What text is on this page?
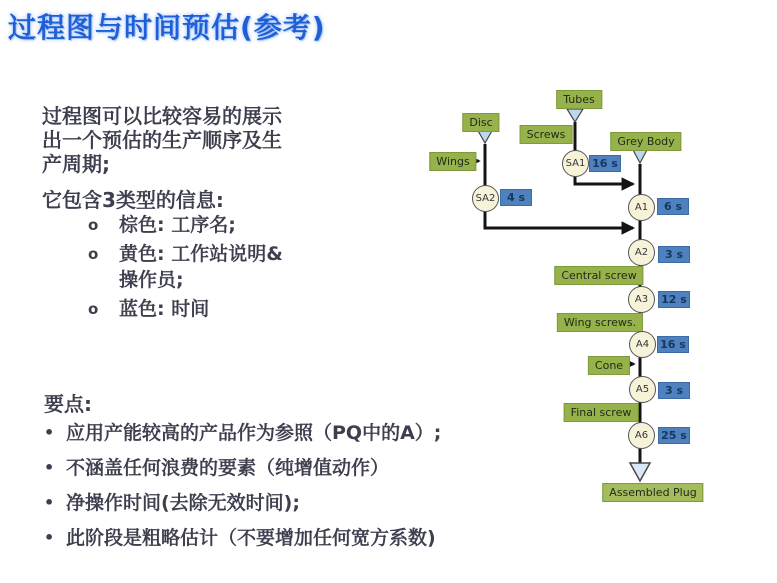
过程图与时间预估(参考)
过程图可以比较容易的展示
出一个预估的生产顺序及生
产周期;
它包含3类型的信息:
o	棕色: 工序名;
o	黄色: 工作站说明&
操作员;
o	蓝色: 时间
要点:
• 应用产能较高的产品作为参照（PQ中的A）;
• 不涵盖任何浪费的要素（纯增值动作）
• 净操作时间(去除无效时间);
• 此阶段是粗略估计（不要增加任何宽方系数)
Tubes
Disc
Screws
Wings
Grey Body
Central screw
Wing screws.
Cone
Final screw
Assembled Plug
SA1
SA2
A1
A2
A3
A4
A5
A6
16 s
4 s
6 s
3 s
12 s
16 s
3 s
25 s
